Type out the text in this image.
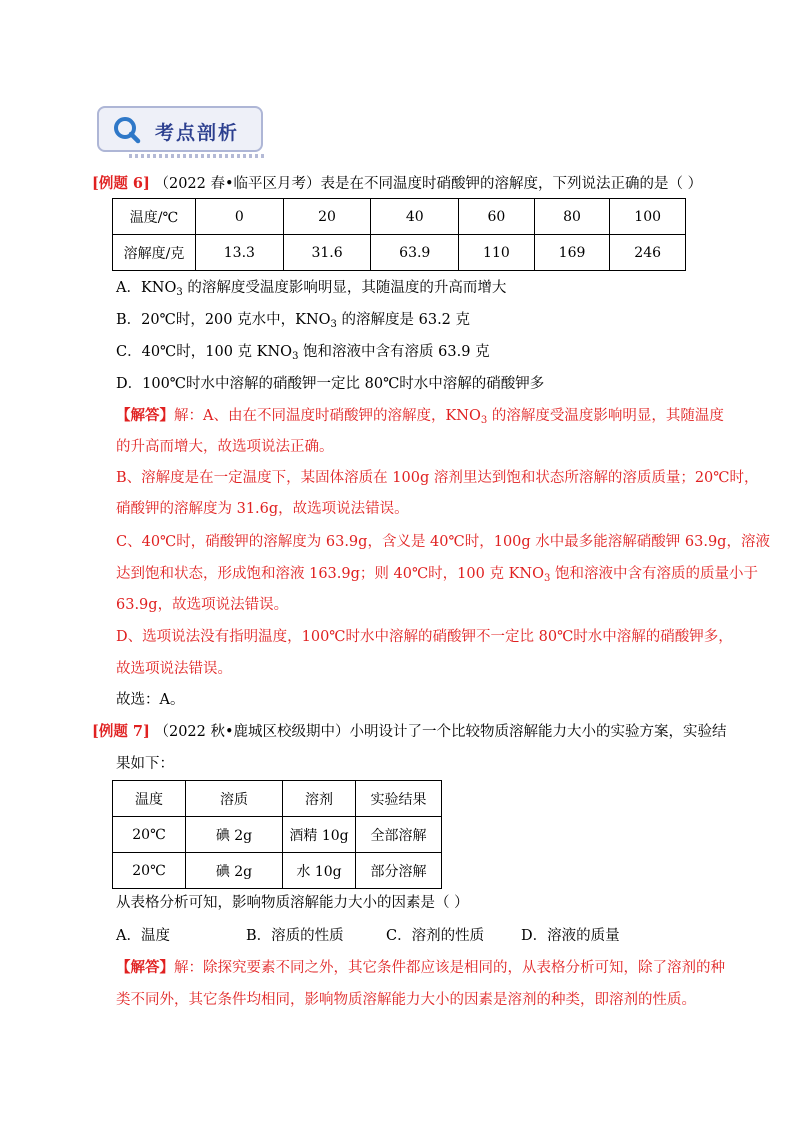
考点剖析
[例题 6] （2022 春•临平区月考）表是在不同温度时硝酸钾的溶解度，下列说法正确的是（ ）
温度/℃	0	20	40	60	80	100
溶解度/克	13.3	31.6	63.9	110	169	246
A．$KNO_3$ 的溶解度受温度影响明显，其随温度的升高而增大
B．20℃时，200 克水中，$KNO_3$ 的溶解度是 63.2 克
C．40℃时，100 克 $KNO_3$ 饱和溶液中含有溶质 63.9 克
D．100℃时水中溶解的硝酸钾一定比 80℃时水中溶解的硝酸钾多
【解答】解：A、由在不同温度时硝酸钾的溶解度，$KNO_3$ 的溶解度受温度影响明显，其随温度
的升高而增大，故选项说法正确。
B、溶解度是在一定温度下，某固体溶质在 100g 溶剂里达到饱和状态所溶解的溶质质量；20℃时，
硝酸钾的溶解度为 31.6g，故选项说法错误。
C、40℃时，硝酸钾的溶解度为 63.9g，含义是 40℃时，100g 水中最多能溶解硝酸钾 63.9g，溶液
达到饱和状态，形成饱和溶液 163.9g；则 40℃时，100 克 $KNO_3$ 饱和溶液中含有溶质的质量小于
63.9g，故选项说法错误。
D、选项说法没有指明温度，100℃时水中溶解的硝酸钾不一定比 80℃时水中溶解的硝酸钾多，
故选项说法错误。
故选：A。
[例题 7] （2022 秋•鹿城区校级期中）小明设计了一个比较物质溶解能力大小的实验方案，实验结
果如下：
温度	溶质	溶剂	实验结果
20℃	碘 2g	酒精 10g	全部溶解
20℃	碘 2g	水 10g	部分溶解
从表格分析可知，影响物质溶解能力大小的因素是（ ）
A．温度	B．溶质的性质	C．溶剂的性质	D．溶液的质量
【解答】解：除探究要素不同之外，其它条件都应该是相同的，从表格分析可知，除了溶剂的种
类不同外，其它条件均相同，影响物质溶解能力大小的因素是溶剂的种类，即溶剂的性质。
